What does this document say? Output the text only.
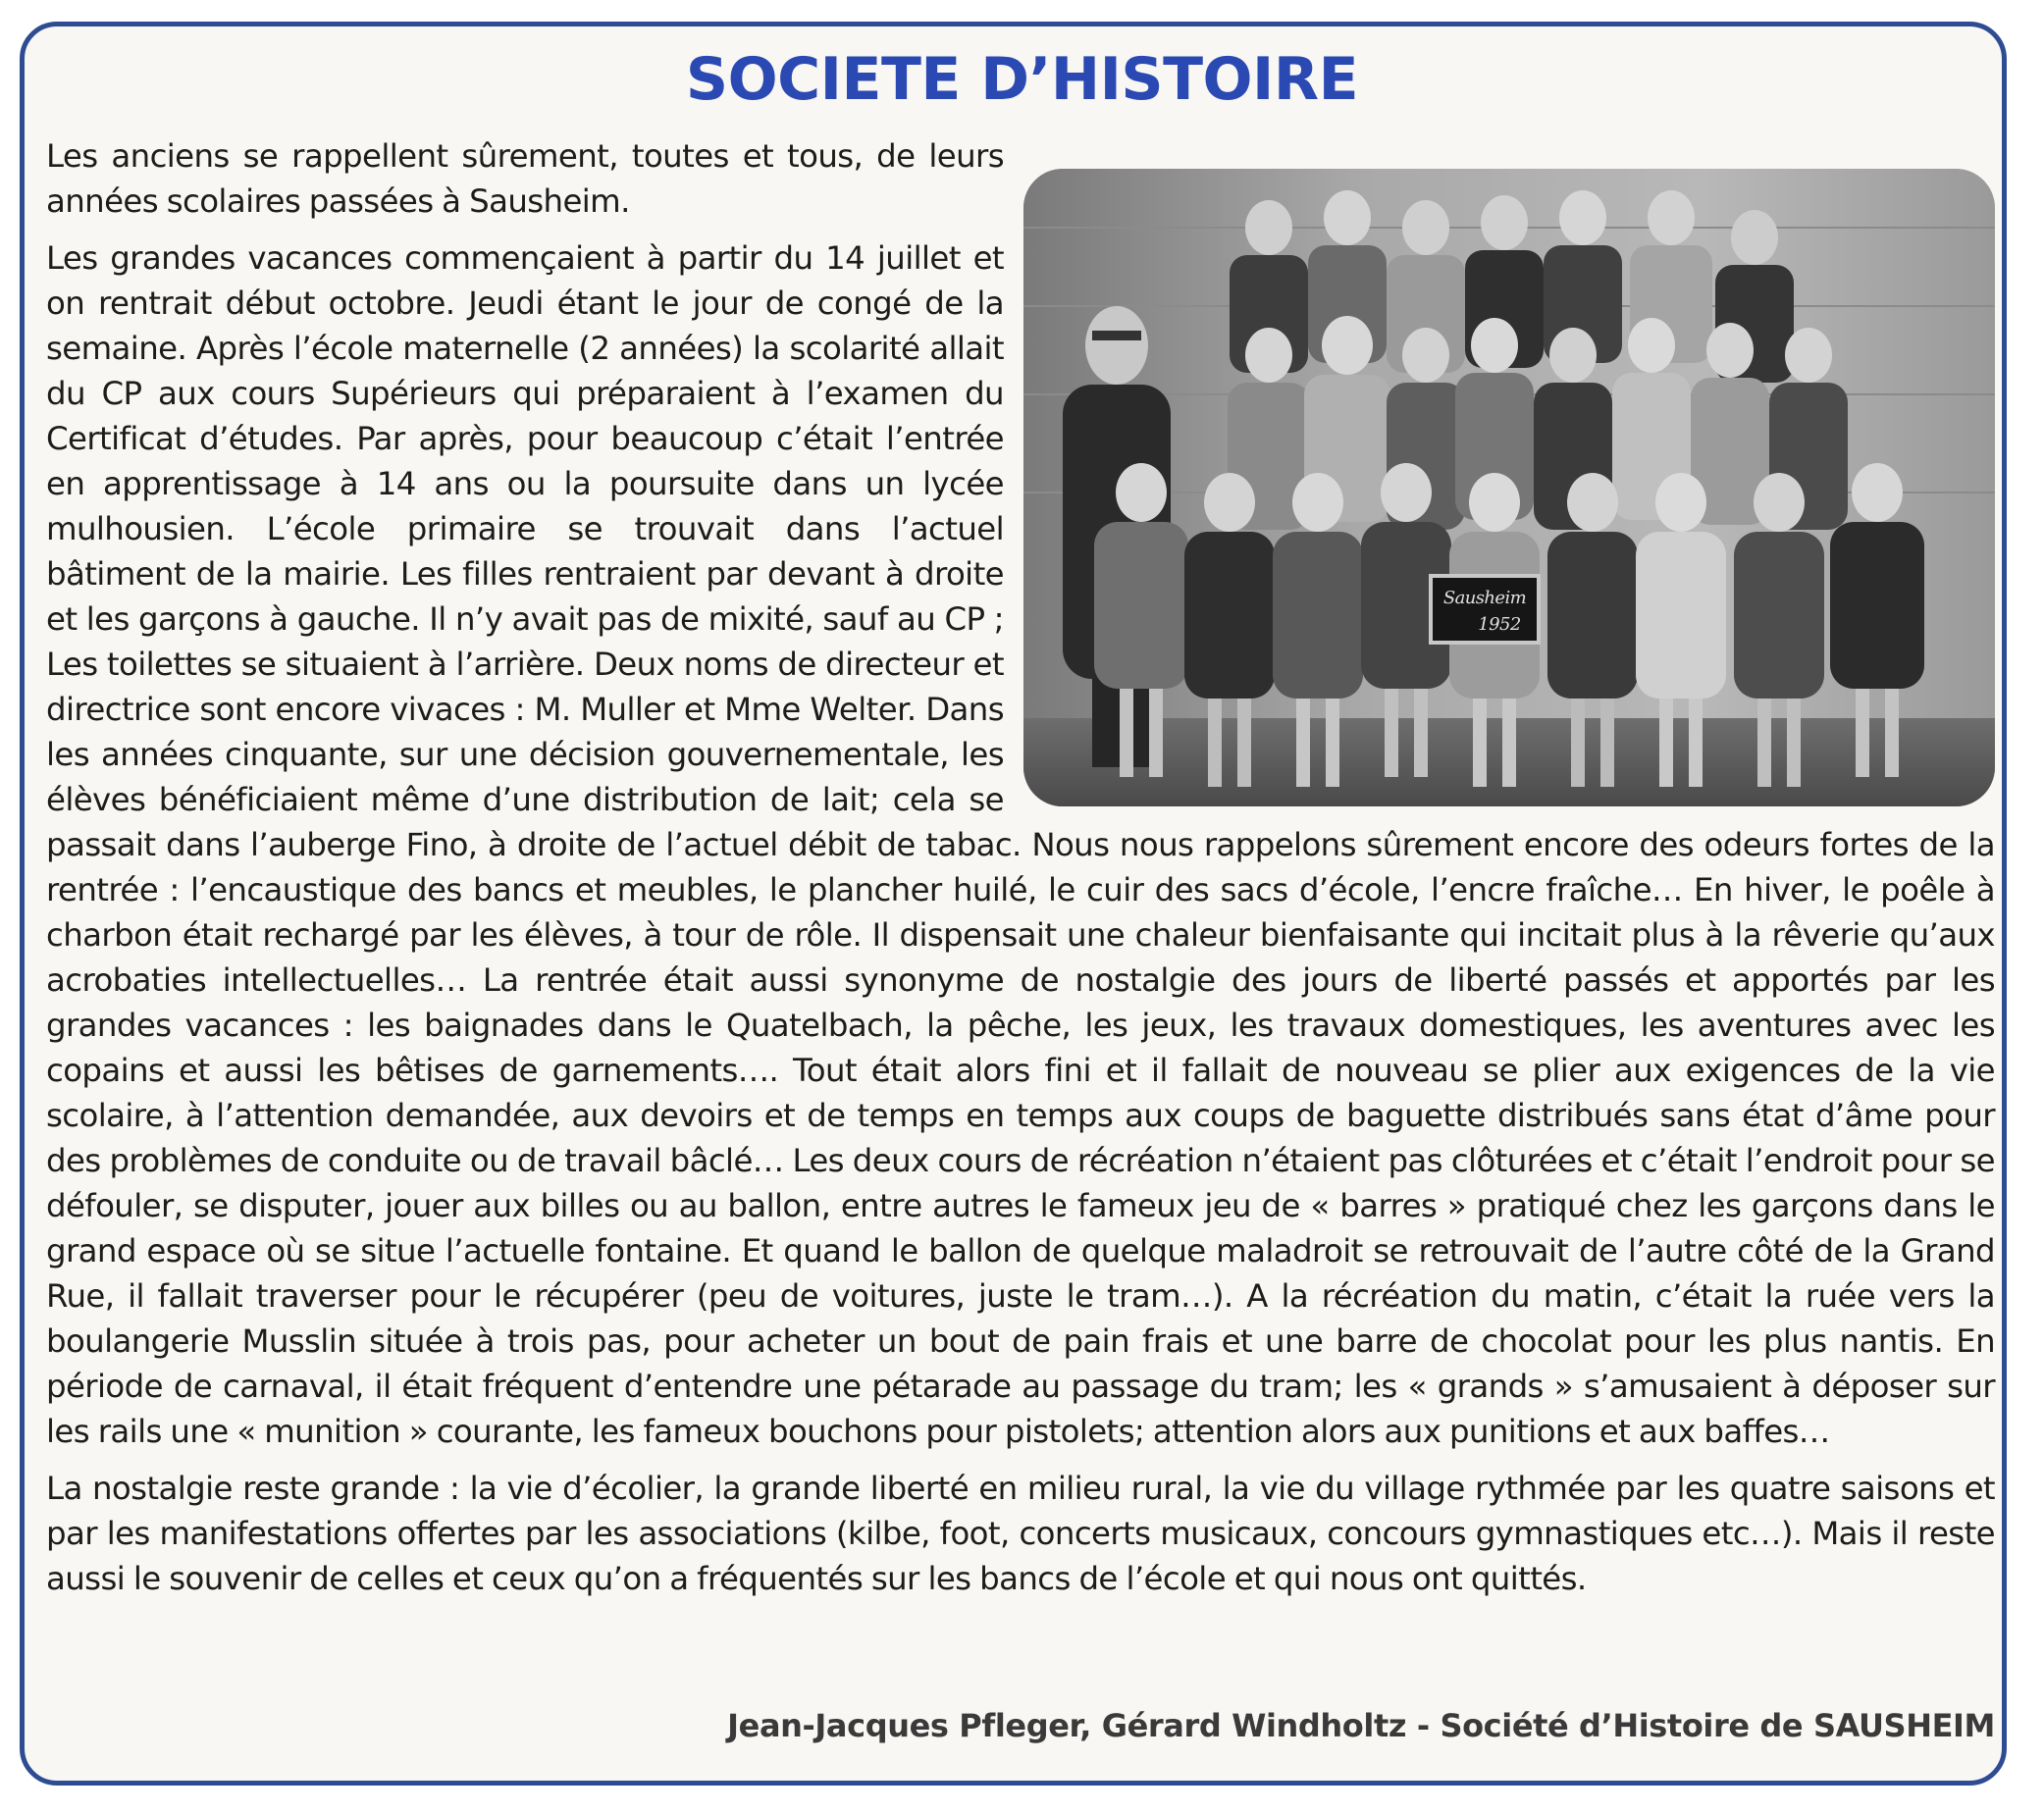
SOCIETE D’HISTOIRE
Sausheim
1952

Les anciens se rappellent sûrement, toutes et tous, de leurs années scolaires passées à Sausheim.

Les grandes vacances commençaient à partir du 14 juillet et on rentrait début octobre. Jeudi étant le jour de congé de la semaine. Après l’école maternelle (2 années) la scolarité allait du CP aux cours Supérieurs qui préparaient à l’examen du Certificat d’études. Par après, pour beaucoup c’était l’entrée en apprentissage à 14 ans ou la poursuite dans un lycée mulhousien. L’école primaire se trouvait dans l’actuel bâtiment de la mairie. Les filles rentraient par devant à droite et les garçons à gauche. Il n’y avait pas de mixité, sauf au CP ; Les toilettes se situaient à l’arrière. Deux noms de directeur et directrice sont encore vivaces : M. Muller et Mme Welter. Dans les années cinquante, sur une décision gouvernementale, les élèves bénéficiaient même d’une distribution de lait; cela se passait dans l’auberge Fino, à droite de l’actuel débit de tabac. Nous nous rappelons sûrement encore des odeurs fortes de la rentrée : l’encaustique des bancs et meubles, le plancher huilé, le cuir des sacs d’école, l’encre fraîche… En hiver, le poêle à charbon était rechargé par les élèves, à tour de rôle. Il dispensait une chaleur bienfaisante qui incitait plus à la rêverie qu’aux acrobaties intellectuelles… La rentrée était aussi synonyme de nostalgie des jours de liberté passés et apportés par les grandes vacances : les baignades dans le Quatelbach, la pêche, les jeux, les travaux domestiques, les aventures avec les copains et aussi les bêtises de garnements…. Tout était alors fini et il fallait de nouveau se plier aux exigences de la vie scolaire, à l’attention demandée, aux devoirs et de temps en temps aux coups de baguette distribués sans état d’âme pour des problèmes de conduite ou de travail bâclé… Les deux cours de récréation n’étaient pas clôturées et c’était l’endroit pour se défouler, se disputer, jouer aux billes ou au ballon, entre autres le fameux jeu de « barres » pratiqué chez les garçons dans le grand espace où se situe l’actuelle fontaine. Et quand le ballon de quelque maladroit se retrouvait de l’autre côté de la Grand Rue, il fallait traverser pour le récupérer (peu de voitures, juste le tram…). A la récréation du matin, c’était la ruée vers la boulangerie Musslin située à trois pas, pour acheter un bout de pain frais et une barre de chocolat pour les plus nantis. En période de carnaval, il était fréquent d’entendre une pétarade au passage du tram; les « grands » s’amusaient à déposer sur les rails une « munition » courante, les fameux bouchons pour pistolets; attention alors aux punitions et aux baffes…

La nostalgie reste grande : la vie d’écolier, la grande liberté en milieu rural, la vie du village rythmée par les quatre saisons et par les manifestations offertes par les associations (kilbe, foot, concerts musicaux, concours gymnastiques etc…). Mais il reste aussi le souvenir de celles et ceux qu’on a fréquentés sur les bancs de l’école et qui nous ont quittés.

Jean-Jacques Pfleger, Gérard Windholtz - Société d’Histoire de SAUSHEIM
